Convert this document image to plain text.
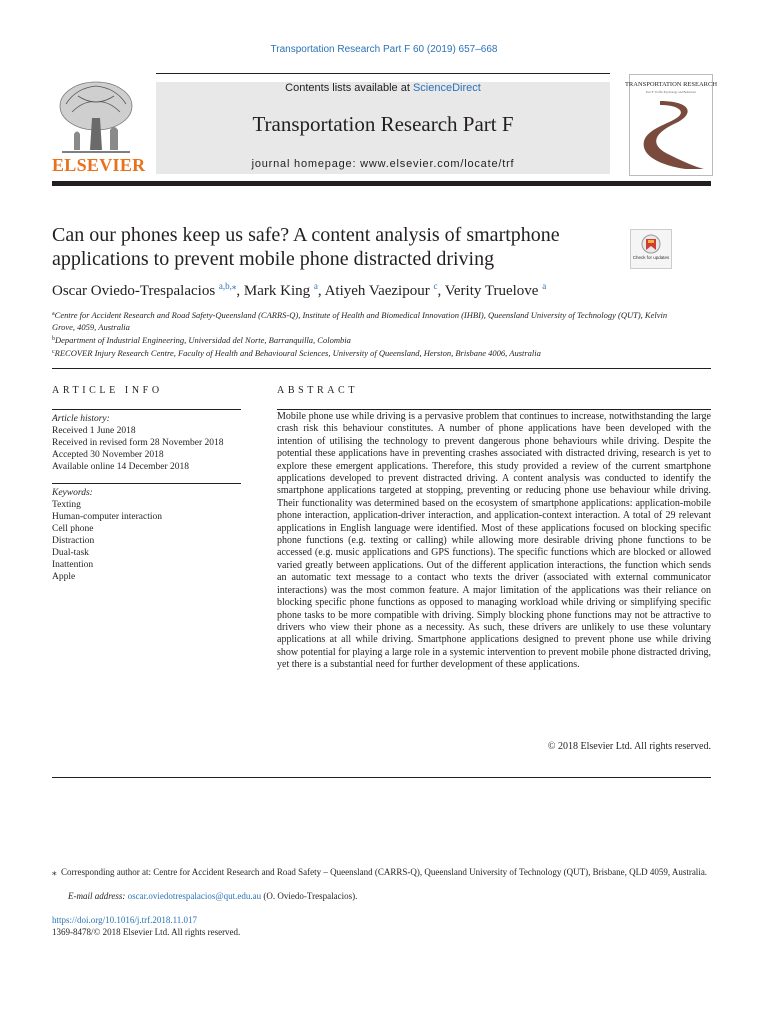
Transportation Research Part F 60 (2019) 657–668
Contents lists available at ScienceDirect
Transportation Research Part F
journal homepage: www.elsevier.com/locate/trf
ELSEVIER
TRANSPORTATION RESEARCH
Part F: Traffic Psychology and Behaviour
Can our phones keep us safe? A content analysis of smartphone applications to prevent mobile phone distracted driving	Check for updates
Oscar Oviedo-Trespalacios $^{a,b,⁎}$, Mark King $^a$, Atiyeh Vaezipour $^c$, Verity Truelove $^a$
$^a$Centre for Accident Research and Road Safety-Queensland (CARRS-Q), Institute of Health and Biomedical Innovation (IHBI), Queensland University of Technology (QUT), Kelvin Grove, 4059, Australia
$^b$Department of Industrial Engineering, Universidad del Norte, Barranquilla, Colombia
$^c$RECOVER Injury Research Centre, Faculty of Health and Behavioural Sciences, University of Queensland, Herston, Brisbane 4006, Australia
ARTICLE INFO
Article history:
Received 1 June 2018
Received in revised form 28 November 2018
Accepted 30 November 2018
Available online 14 December 2018
Keywords:
Texting
Human-computer interaction
Cell phone
Distraction
Dual-task
Inattention
Apple
ABSTRACT
Mobile phone use while driving is a pervasive problem that continues to increase, notwithstanding the large crash risk this behaviour constitutes. A number of phone applications have been developed with the intention of utilising the technology to prevent dangerous phone behaviours while driving. Despite the potential these applications have in preventing crashes associated with distracted driving, research is yet to explore these emergent applications. Therefore, this study provided a review of the current smartphone applications developed to prevent distracted driving. A content analysis was conducted to identify the smartphone applications targeted at stopping, preventing or reducing phone use behaviour while driving. Their functionality was determined based on the ecosystem of smartphone applications: application-mobile phone interaction, application-driver interaction, and application-context interaction. A total of 29 relevant applications in English language were identified. Most of these applications focused on blocking specific phone functions (e.g. texting or calling) while allowing more desirable driving phone functions to be accessed (e.g. music applications and GPS functions). The specific functions which are blocked or allowed varied greatly between applications. Out of the different application interactions, the function which sends an automatic text message to a contact who texts the driver (associated with external communicator interactions) was the most common feature. A major limitation of the applications was their reliance on blocking specific phone functions as opposed to managing workload while driving or simplifying specific phone tasks to be more compatible with driving. Simply blocking phone functions may not be attractive to drivers who view their phone as a necessity. As such, these drivers are unlikely to use these voluntary applications at all while driving. Smartphone applications designed to prevent phone use while driving show potential for playing a large role in a systemic intervention to prevent mobile phone distracted driving, yet there is a substantial need for further development of these applications.
© 2018 Elsevier Ltd. All rights reserved.
⁎ Corresponding author at: Centre for Accident Research and Road Safety – Queensland (CARRS-Q), Queensland University of Technology (QUT), Brisbane, QLD 4059, Australia.
E-mail address: oscar.oviedotrespalacios@qut.edu.au (O. Oviedo-Trespalacios).
https://doi.org/10.1016/j.trf.2018.11.017
1369-8478/© 2018 Elsevier Ltd. All rights reserved.
